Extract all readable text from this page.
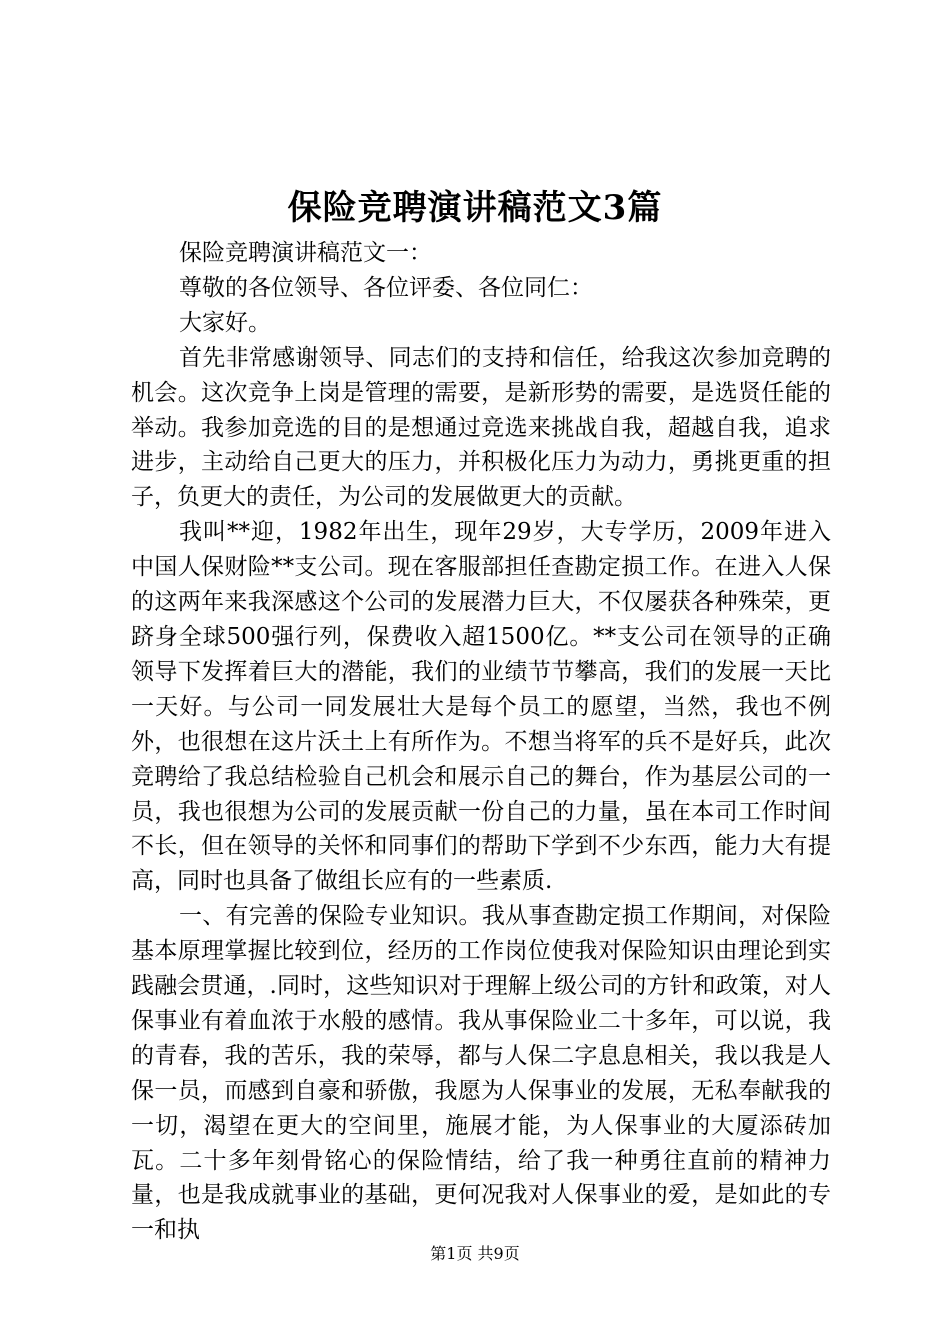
保险竞聘演讲稿范文3篇

保险竞聘演讲稿范文一：

尊敬的各位领导、各位评委、各位同仁：

大家好。

首先非常感谢领导、同志们的支持和信任，给我这次参加竞聘的机会。这次竞争上岗是管理的需要，是新形势的需要，是选贤任能的举动。我参加竞选的目的是想通过竞选来挑战自我，超越自我，追求进步，主动给自己更大的压力，并积极化压力为动力，勇挑更重的担子，负更大的责任，为公司的发展做更大的贡献。

我叫**迎，1982年出生，现年29岁，大专学历，2009年进入中国人保财险**支公司。现在客服部担任查勘定损工作。在进入人保的这两年来我深感这个公司的发展潜力巨大，不仅屡获各种殊荣，更跻身全球500强行列，保费收入超1500亿。**支公司在领导的正确领导下发挥着巨大的潜能，我们的业绩节节攀高，我们的发展一天比一天好。与公司一同发展壮大是每个员工的愿望，当然，我也不例外，也很想在这片沃土上有所作为。不想当将军的兵不是好兵，此次竞聘给了我总结检验自己机会和展示自己的舞台，作为基层公司的一员，我也很想为公司的发展贡献一份自己的力量，虽在本司工作时间不长，但在领导的关怀和同事们的帮助下学到不少东西，能力大有提高，同时也具备了做组长应有的一些素质.

一、有完善的保险专业知识。我从事查勘定损工作期间，对保险基本原理掌握比较到位，经历的工作岗位使我对保险知识由理论到实践融会贯通，.同时，这些知识对于理解上级公司的方针和政策，对人保事业有着血浓于水般的感情。我从事保险业二十多年，可以说，我的青春，我的苦乐，我的荣辱，都与人保二字息息相关，我以我是人保一员，而感到自豪和骄傲，我愿为人保事业的发展，无私奉献我的一切，渴望在更大的空间里，施展才能，为人保事业的大厦添砖加瓦。二十多年刻骨铭心的保险情结，给了我一种勇往直前的精神力量，也是我成就事业的基础，更何况我对人保事业的爱，是如此的专一和执

第1页 共9页
